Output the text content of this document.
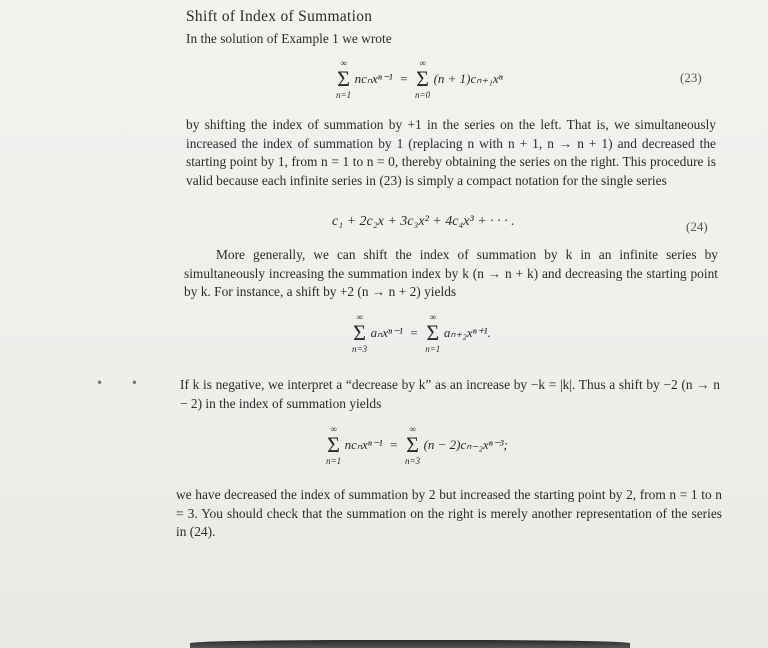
Shift of Index of Summation
In the solution of Example 1 we wrote
∞
Σ
n=1
ncₙxⁿ⁻¹ =
∞
Σ
n=0
(n + 1)cₙ₊₁xⁿ	(23)
by shifting the index of summation by +1 in the series on the left. That is, we simultaneously increased the index of summation by 1 (replacing n with n + 1, n → n + 1) and decreased the starting point by 1, from n = 1 to n = 0, thereby obtaining the series on the right. This procedure is valid because each infinite series in (23) is simply a compact notation for the single series
c₁ + 2c₂x + 3c₃x² + 4c₄x³ + · · · .	(24)
More generally, we can shift the index of summation by k in an infinite series by simultaneously increasing the summation index by k (n → n + k) and decreasing the starting point by k. For instance, a shift by +2 (n → n + 2) yields
∞
Σ
n=3
aₙxⁿ⁻¹ =
∞
Σ
n=1
aₙ₊₂xⁿ⁺¹.
• • If k is negative, we interpret a “decrease by k” as an increase by −k = |k|. Thus a shift by −2 (n → n − 2) in the index of summation yields
∞
Σ
n=1
ncₙxⁿ⁻¹ =
∞
Σ
n=3
(n − 2)cₙ₋₂xⁿ⁻³;
we have decreased the index of summation by 2 but increased the starting point by 2, from n = 1 to n = 3. You should check that the summation on the right is merely another representation of the series in (24).
